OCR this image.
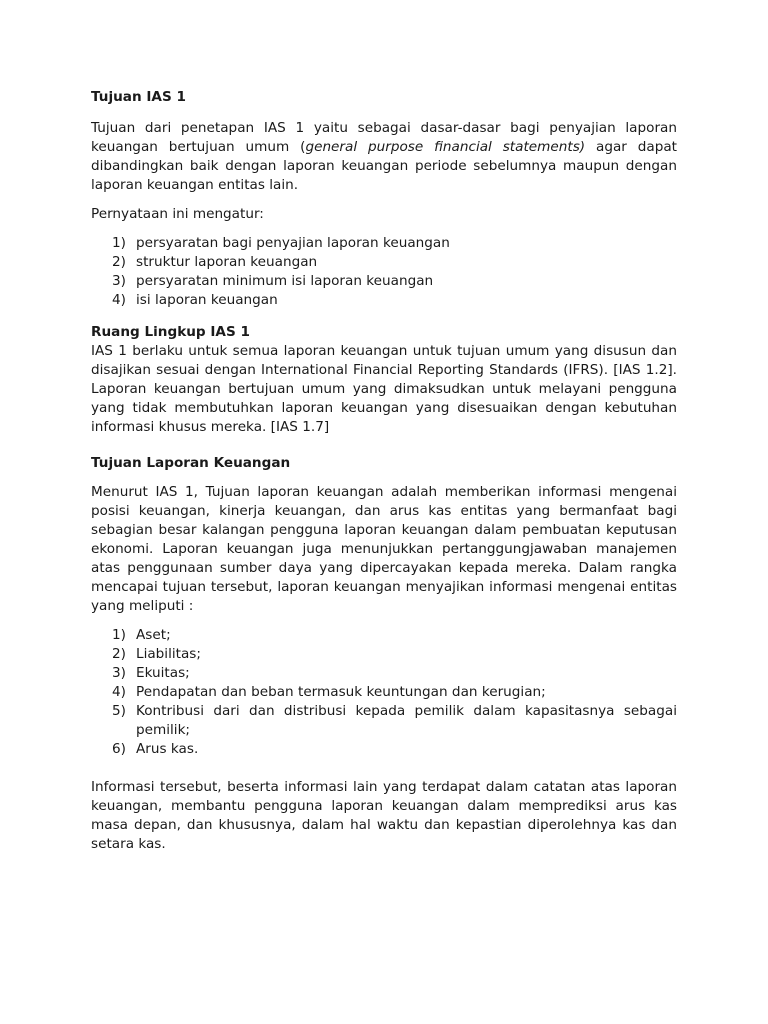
Tujuan IAS 1

Tujuan dari penetapan IAS 1 yaitu sebagai dasar-dasar bagi penyajian laporan keuangan bertujuan umum (general purpose financial statements) agar dapat dibandingkan baik dengan laporan keuangan periode sebelumnya maupun dengan laporan keuangan entitas lain.

Pernyataan ini mengatur:

1) persyaratan bagi penyajian laporan keuangan
2) struktur laporan keuangan
3) persyaratan minimum isi laporan keuangan
4) isi laporan keuangan

Ruang Lingkup IAS 1

IAS 1 berlaku untuk semua laporan keuangan untuk tujuan umum yang disusun dan disajikan sesuai dengan International Financial Reporting Standards (IFRS). [IAS 1.2]. Laporan keuangan bertujuan umum yang dimaksudkan untuk melayani pengguna yang tidak membutuhkan laporan keuangan yang disesuaikan dengan kebutuhan informasi khusus mereka. [IAS 1.7]

Tujuan Laporan Keuangan

Menurut IAS 1, Tujuan laporan keuangan adalah memberikan informasi mengenai posisi keuangan, kinerja keuangan, dan arus kas entitas yang bermanfaat bagi sebagian besar kalangan pengguna laporan keuangan dalam pembuatan keputusan ekonomi. Laporan keuangan juga menunjukkan pertanggungjawaban manajemen atas penggunaan sumber daya yang dipercayakan kepada mereka. Dalam rangka mencapai tujuan tersebut, laporan keuangan menyajikan informasi mengenai entitas yang meliputi :

1) Aset;
2) Liabilitas;
3) Ekuitas;
4) Pendapatan dan beban termasuk keuntungan dan kerugian;
5) Kontribusi dari dan distribusi kepada pemilik dalam kapasitasnya sebagai pemilik;
6) Arus kas.

Informasi tersebut, beserta informasi lain yang terdapat dalam catatan atas laporan keuangan, membantu pengguna laporan keuangan dalam memprediksi arus kas masa depan, dan khususnya, dalam hal waktu dan kepastian diperolehnya kas dan setara kas.
